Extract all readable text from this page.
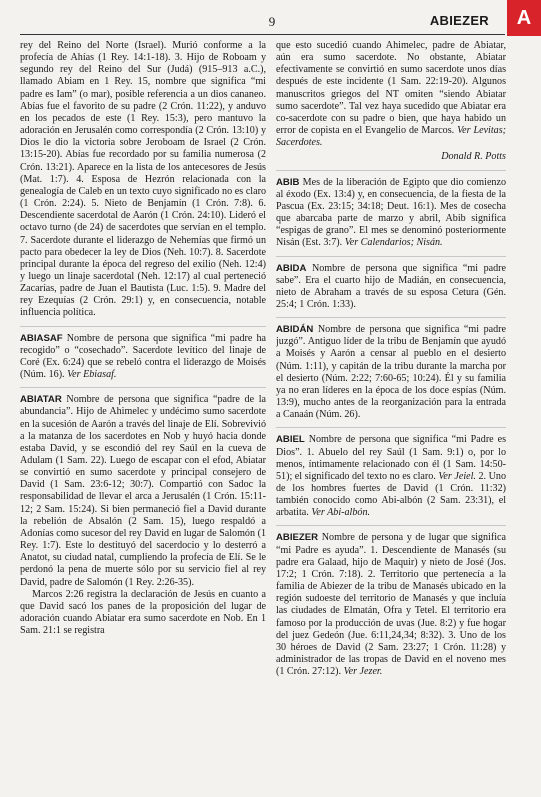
9	ABIEZER	A

rey del Reino del Norte (Israel). Murió conforme a la profecía de Ahías (1 Rey. 14:1-18). 3. Hijo de Roboam y segundo rey del Reino del Sur (Judá) (915–913 a.C.), llamado Abiam en 1 Rey. 15, nombre que significa “mi padre es Iam” (o mar), posible referencia a un dios cananeo. Abías fue el favorito de su padre (2 Crón. 11:22), y anduvo en los pecados de este (1 Rey. 15:3), pero mantuvo la adoración en Jerusalén como correspondía (2 Crón. 13:10) y Dios le dio la victoria sobre Jeroboam de Israel (2 Crón. 13:15-20). Abías fue recordado por su familia numerosa (2 Crón. 13:21). Aparece en la lista de los antecesores de Jesús (Mat. 1:7). 4. Esposa de Hezrón relacionada con la genealogía de Caleb en un texto cuyo significado no es claro (1 Crón. 2:24). 5. Nieto de Benjamín (1 Crón. 7:8). 6. Descendiente sacerdotal de Aarón (1 Crón. 24:10). Lideró el octavo turno (de 24) de sacerdotes que servían en el templo. 7. Sacerdote durante el liderazgo de Nehemías que firmó un pacto para obedecer la ley de Dios (Neh. 10:7). 8. Sacerdote principal durante la época del regreso del exilio (Neh. 12:4) y luego un linaje sacerdotal (Neh. 12:17) al cual perteneció Zacarías, padre de Juan el Bautista (Luc. 1:5). 9. Madre del rey Ezequías (2 Crón. 29:1) y, en consecuencia, notable influencia política.

ABIASAF Nombre de persona que significa “mi padre ha recogido” o “cosechado”. Sacerdote levítico del linaje de Coré (Ex. 6:24) que se rebeló contra el liderazgo de Moisés (Núm. 16). Ver Ebiasaf.
ABIATAR Nombre de persona que significa “padre de la abundancia”. Hijo de Ahimelec y undécimo sumo sacerdote en la sucesión de Aarón a través del linaje de Elí. Sobrevivió a la matanza de los sacerdotes en Nob y huyó hacia donde estaba David, y se escondió del rey Saúl en la cueva de Adulam (1 Sam. 22). Luego de escapar con el efod, Abiatar se convirtió en sumo sacerdote y principal consejero de David (1 Sam. 23:6-12; 30:7). Compartió con Sadoc la responsabilidad de llevar el arca a Jerusalén (1 Crón. 15:11-12; 2 Sam. 15:24). Si bien permaneció fiel a David durante la rebelión de Absalón (2 Sam. 15), luego respaldó a Adonías como sucesor del rey David en lugar de Salomón (1 Rey. 1:7). Este lo destituyó del sacerdocio y lo desterró a Anatot, su ciudad natal, cumpliendo la profecía de Elí. Se le perdonó la pena de muerte sólo por su servicio fiel al rey David, padre de Salomón (1 Rey. 2:26-35).

Marcos 2:26 registra la declaración de Jesús en cuanto a que David sacó los panes de la proposición del lugar de adoración cuando Abiatar era sumo sacerdote en Nob. En 1 Sam. 21:1 se registra

que esto sucedió cuando Ahimelec, padre de Abiatar, aún era sumo sacerdote. No obstante, Abiatar efectivamente se convirtió en sumo sacerdote unos días después de este incidente (1 Sam. 22:19-20). Algunos manuscritos griegos del NT omiten “siendo Abiatar sumo sacerdote”. Tal vez haya sucedido que Abiatar era co-sacerdote con su padre o bien, que haya habido un error de copista en el Evangelio de Marcos. Ver Levitas; Sacerdotes.

Donald R. Potts
ABIB Mes de la liberación de Egipto que dio comienzo al éxodo (Ex. 13:4) y, en consecuencia, de la fiesta de la Pascua (Ex. 23:15; 34:18; Deut. 16:1). Mes de cosecha que abarcaba parte de marzo y abril, Abib significa “espigas de grano”. El mes se denominó posteriormente Nisán (Est. 3:7). Ver Calendarios; Nisán.
ABIDA Nombre de persona que significa “mi padre sabe”. Era el cuarto hijo de Madián, en consecuencia, nieto de Abraham a través de su esposa Cetura (Gén. 25:4; 1 Crón. 1:33).
ABIDÁN Nombre de persona que significa “mi padre juzgó”. Antiguo líder de la tribu de Benjamín que ayudó a Moisés y Aarón a censar al pueblo en el desierto (Núm. 1:11), y capitán de la tribu durante la marcha por el desierto (Núm. 2:22; 7:60-65; 10:24). Él y su familia ya no eran líderes en la época de los doce espías (Núm. 13:9), mucho antes de la reorganización para la entrada a Canaán (Núm. 26).
ABIEL Nombre de persona que significa “mi Padre es Dios”. 1. Abuelo del rey Saúl (1 Sam. 9:1) o, por lo menos, íntimamente relacionado con él (1 Sam. 14:50-51); el significado del texto no es claro. Ver Jeiel. 2. Uno de los hombres fuertes de David (1 Crón. 11:32) también conocido como Abi-albón (2 Sam. 23:31), el arbatita. Ver Abi-albón.
ABIEZER Nombre de persona y de lugar que significa “mi Padre es ayuda”. 1. Descendiente de Manasés (su padre era Galaad, hijo de Maquir) y nieto de José (Jos. 17:2; 1 Crón. 7:18). 2. Territorio que pertenecía a la familia de Abiezer de la tribu de Manasés ubicado en la región sudoeste del territorio de Manasés y que incluía las ciudades de Elmatán, Ofra y Tetel. El territorio era famoso por la producción de uvas (Jue. 8:2) y fue hogar del juez Gedeón (Jue. 6:11,24,34; 8:32). 3. Uno de los 30 héroes de David (2 Sam. 23:27; 1 Crón. 11:28) y administrador de las tropas de David en el noveno mes (1 Crón. 27:12). Ver Jezer.
